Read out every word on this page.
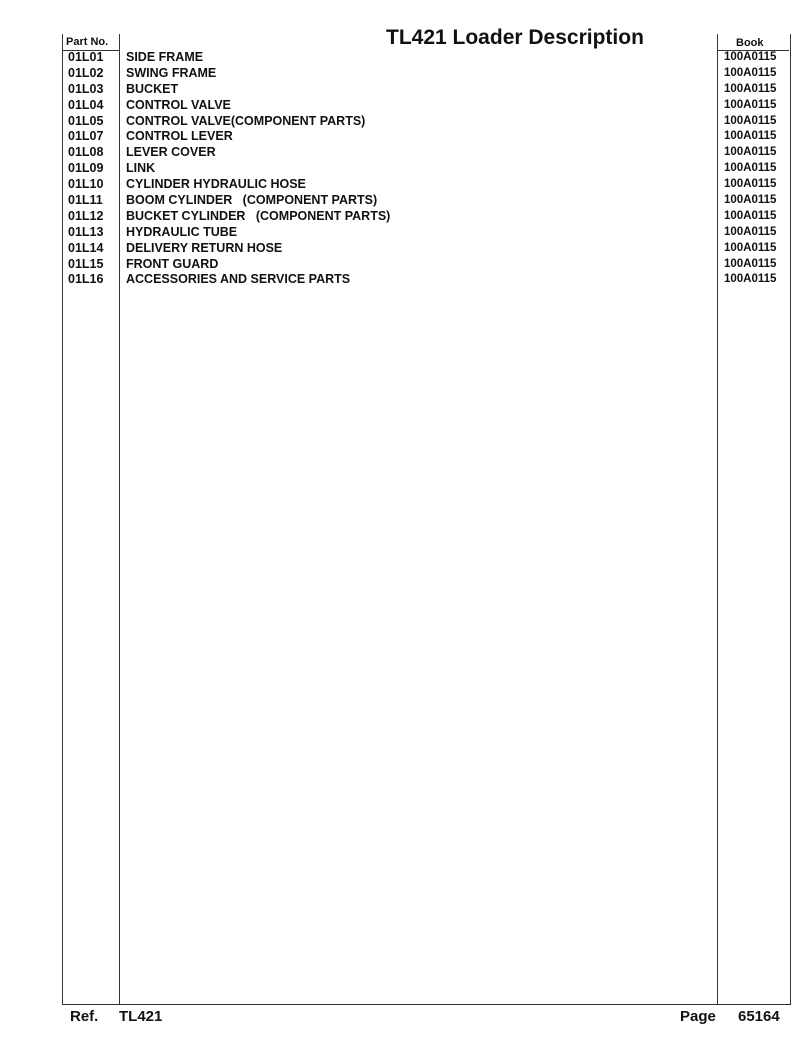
Part No.	TL421 Loader Description	Book
01L01 SIDE FRAME	100A0115
01L02 SWING FRAME	100A0115
01L03 BUCKET	100A0115
01L04 CONTROL VALVE	100A0115
01L05 CONTROL VALVE(COMPONENT PARTS)	100A0115
01L07 CONTROL LEVER	100A0115
01L08 LEVER COVER	100A0115
01L09 LINK	100A0115
01L10 CYLINDER HYDRAULIC HOSE	100A0115
01L11 BOOM CYLINDER   (COMPONENT PARTS)	100A0115
01L12 BUCKET CYLINDER   (COMPONENT PARTS)	100A0115
01L13 HYDRAULIC TUBE	100A0115
01L14 DELIVERY RETURN HOSE	100A0115
01L15 FRONT GUARD	100A0115
01L16 ACCESSORIES AND SERVICE PARTS	100A0115
Ref. TL421	Page 65164
